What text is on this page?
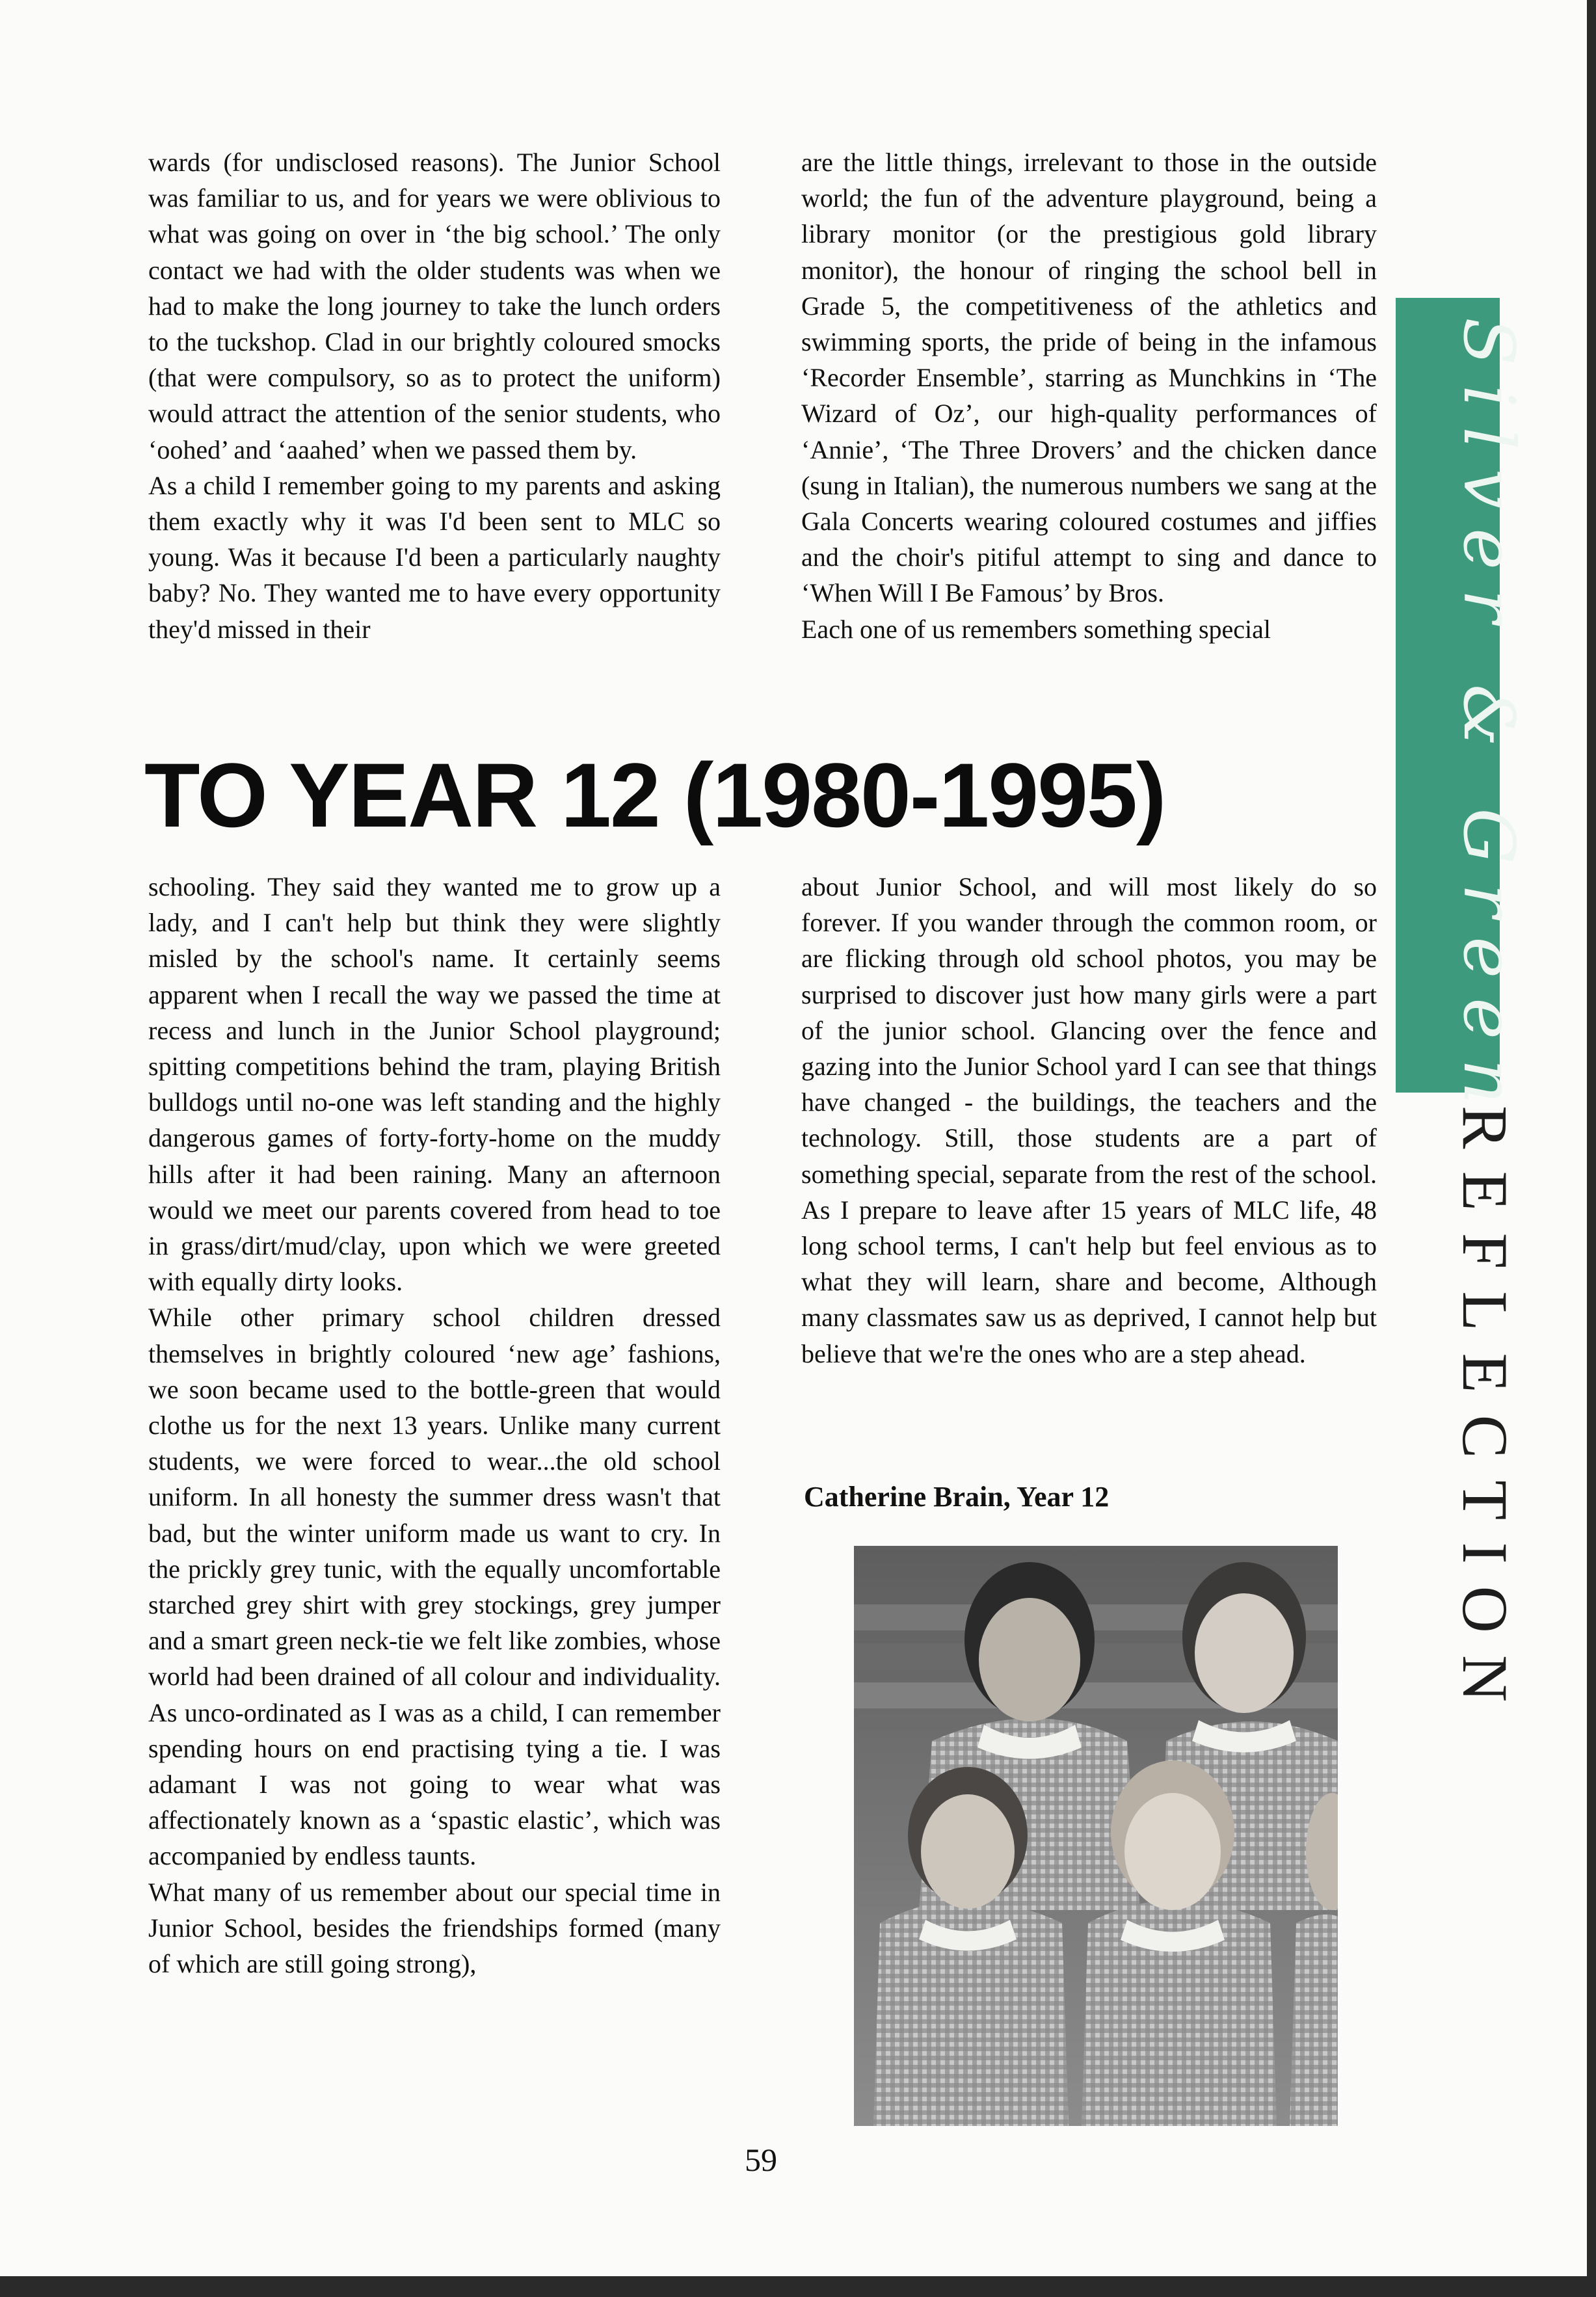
wards (for undisclosed reasons). The Junior School was familiar to us, and for years we were oblivious to what was going on over in ‘the big school.’ The only contact we had with the older students was when we had to make the long journey to take the lunch orders to the tuckshop. Clad in our brightly coloured smocks (that were compulsory, so as to protect the uniform) would attract the attention of the senior students, who ‘oohed’ and ‘aaahed’ when we passed them by.

As a child I remember going to my parents and asking them exactly why it was I'd been sent to MLC so young. Was it because I'd been a particularly naughty baby? No. They wanted me to have every opportunity they'd missed in their

are the little things, irrelevant to those in the outside world; the fun of the adventure playground, being a library monitor (or the prestigious gold library monitor), the honour of ringing the school bell in Grade 5, the competitiveness of the athletics and swimming sports, the pride of being in the infamous ‘Recorder Ensemble’, starring as Munchkins in ‘The Wizard of Oz’, our high-quality performances of ‘Annie’, ‘The Three Drovers’ and the chicken dance (sung in Italian), the numerous numbers we sang at the Gala Concerts wearing coloured costumes and jiffies and the choir's pitiful attempt to sing and dance to ‘When Will I Be Famous’ by Bros.

Each one of us remembers something special

TO YEAR 12 (1980-1995)

schooling. They said they wanted me to grow up a lady, and I can't help but think they were slightly misled by the school's name. It certainly seems apparent when I recall the way we passed the time at recess and lunch in the Junior School playground; spitting competitions behind the tram, playing British bulldogs until no-one was left standing and the highly dangerous games of forty-forty-home on the muddy hills after it had been raining. Many an afternoon would we meet our parents covered from head to toe in grass/dirt/mud/clay, upon which we were greeted with equally dirty looks.

While other primary school children dressed themselves in brightly coloured ‘new age’ fashions, we soon became used to the bottle-green that would clothe us for the next 13 years. Unlike many current students, we were forced to wear...the old school uniform. In all honesty the summer dress wasn't that bad, but the winter uniform made us want to cry. In the prickly grey tunic, with the equally uncomfortable starched grey shirt with grey stockings, grey jumper and a smart green neck-tie we felt like zombies, whose world had been drained of all colour and individuality. As unco-ordinated as I was as a child, I can remember spending hours on end practising tying a tie. I was adamant I was not going to wear what was affectionately known as a ‘spastic elastic’, which was accompanied by endless taunts.

What many of us remember about our special time in Junior School, besides the friendships formed (many of which are still going strong),

about Junior School, and will most likely do so forever. If you wander through the common room, or are flicking through old school photos, you may be surprised to discover just how many girls were a part of the junior school. Glancing over the fence and gazing into the Junior School yard I can see that things have changed - the buildings, the teachers and the technology. Still, those students are a part of something special, separate from the rest of the school. As I prepare to leave after 15 years of MLC life, 48 long school terms, I can't help but feel envious as to what they will learn, share and become, Although many classmates saw us as deprived, I cannot help but believe that we're the ones who are a step ahead.

Catherine Brain, Year 12
59
Silver & Green
REFLECTION
